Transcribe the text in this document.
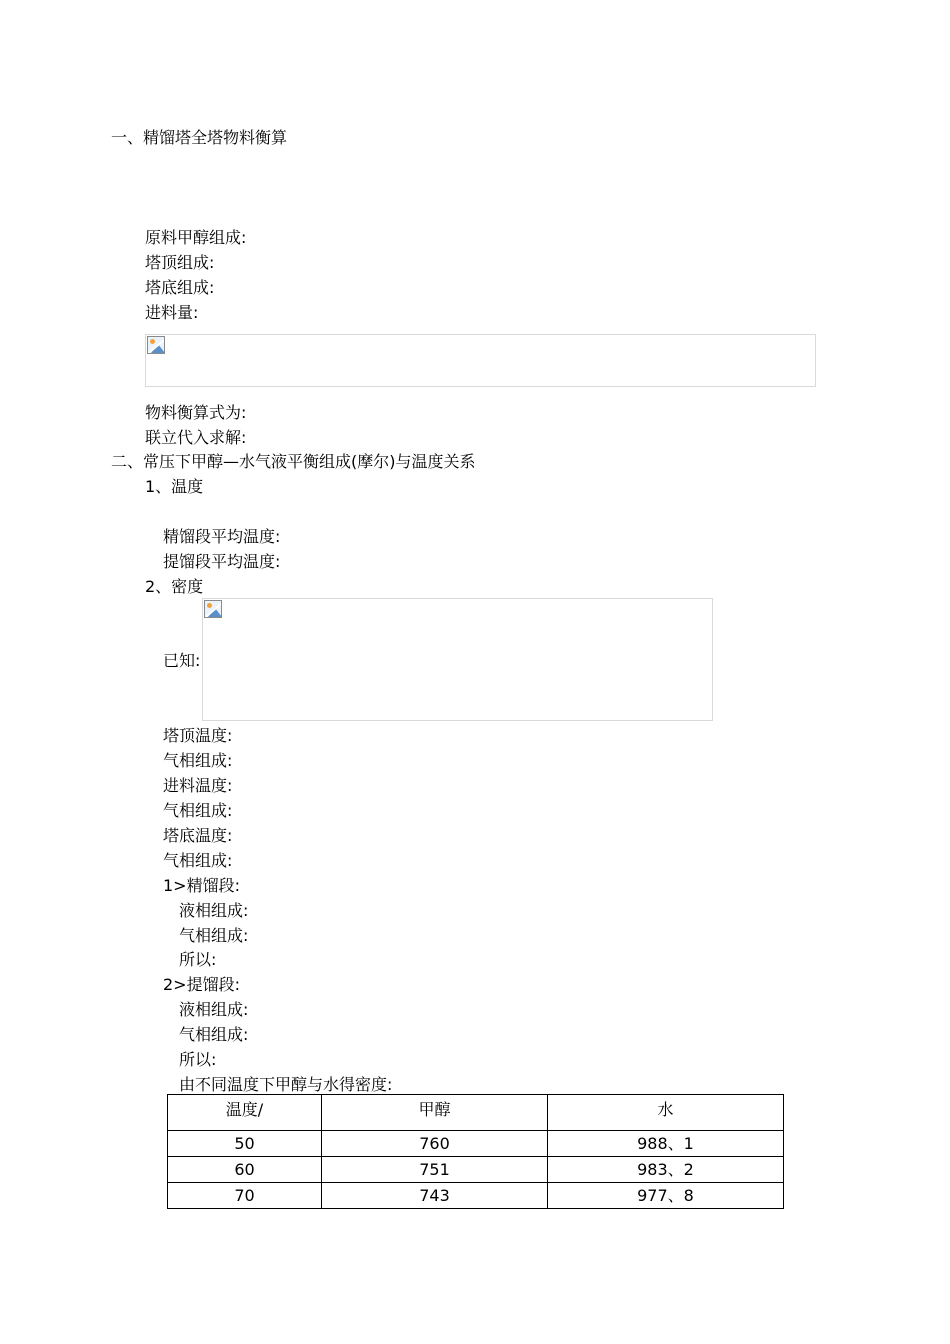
一、精馏塔全塔物料衡算
原料甲醇组成:
塔顶组成:
塔底组成:
进料量:
物料衡算式为:
联立代入求解:
二、常压下甲醇—水气液平衡组成(摩尔)与温度关系
1、温度
精馏段平均温度:
提馏段平均温度:
2、密度
已知:
塔顶温度:
气相组成:
进料温度:
气相组成:
塔底温度:
气相组成:
1>精馏段:
液相组成:
气相组成:
所以:
2>提馏段:
液相组成:
气相组成:
所以:
由不同温度下甲醇与水得密度:
温度/	甲醇	水
50	760	988、1
60	751	983、2
70	743	977、8
